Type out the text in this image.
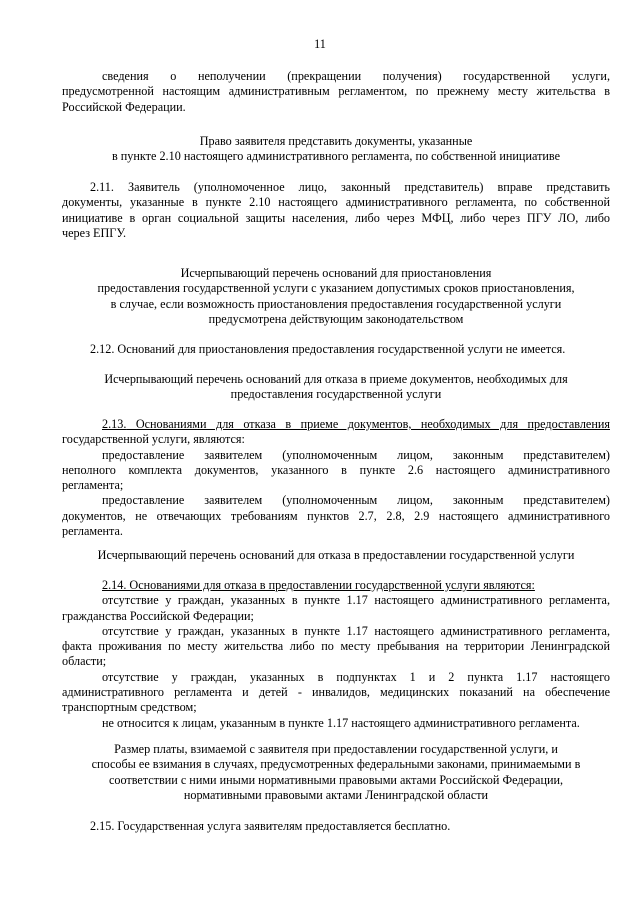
11
сведения о неполучении (прекращении получения) государственной услуги,
предусмотренной настоящим административным регламентом, по прежнему месту жительства в
Российской Федерации.
Право заявителя представить документы, указанные
в пункте 2.10 настоящего административного регламента, по собственной инициативе
2.11. Заявитель (уполномоченное лицо, законный представитель) вправе представить
документы, указанные в пункте 2.10 настоящего административного регламента, по собственной
инициативе в орган социальной защиты населения, либо через МФЦ, либо через ПГУ ЛО, либо
через ЕПГУ.
Исчерпывающий перечень оснований для приостановления
предоставления государственной услуги с указанием допустимых сроков приостановления,
в случае, если возможность приостановления предоставления государственной услуги
предусмотрена действующим законодательством
2.12. Оснований для приостановления предоставления государственной услуги не имеется.
Исчерпывающий перечень оснований для отказа в приеме документов, необходимых для
предоставления государственной услуги
2.13. Основаниями для отказа в приеме документов, необходимых для предоставления
государственной услуги, являются:
предоставление заявителем (уполномоченным лицом, законным представителем)
неполного комплекта документов, указанного в пункте 2.6 настоящего административного
регламента;
предоставление заявителем (уполномоченным лицом, законным представителем)
документов, не отвечающих требованиям пунктов 2.7, 2.8, 2.9 настоящего административного
регламента.
Исчерпывающий перечень оснований для отказа в предоставлении государственной услуги
2.14. Основаниями для отказа в предоставлении государственной услуги являются:
отсутствие у граждан, указанных в пункте 1.17 настоящего административного регламента,
гражданства Российской Федерации;
отсутствие у граждан, указанных в пункте 1.17 настоящего административного регламента,
факта проживания по месту жительства либо по месту пребывания на территории Ленинградской
области;
отсутствие у граждан, указанных в подпунктах 1 и 2 пункта 1.17 настоящего
административного регламента и детей - инвалидов, медицинских показаний на обеспечение
транспортным средством;
не относится к лицам, указанным в пункте 1.17 настоящего административного регламента.
Размер платы, взимаемой с заявителя при предоставлении государственной услуги, и
способы ее взимания в случаях, предусмотренных федеральными законами, принимаемыми в
соответствии с ними иными нормативными правовыми актами Российской Федерации,
нормативными правовыми актами Ленинградской области
2.15. Государственная услуга заявителям предоставляется бесплатно.
